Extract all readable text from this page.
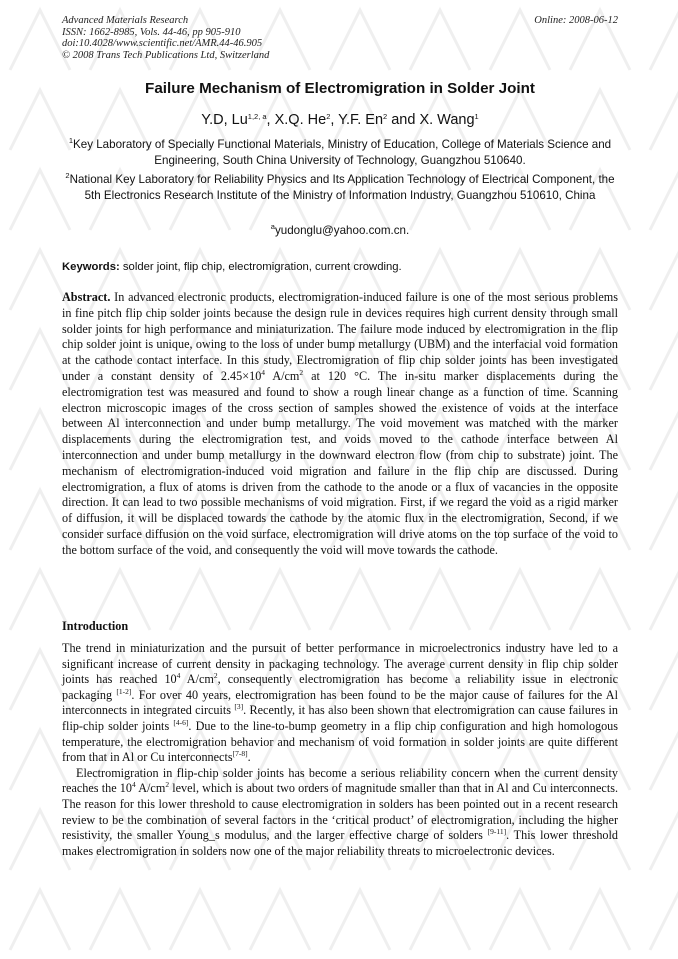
Advanced Materials Research
ISSN: 1662-8985, Vols. 44-46, pp 905-910
doi:10.4028/www.scientific.net/AMR.44-46.905
© 2008 Trans Tech Publications Ltd, Switzerland
Online: 2008-06-12
Failure Mechanism of Electromigration in Solder Joint
Y.D, Lu$^{1,2, a}$, X.Q. He$^2$, Y.F. En$^2$ and X. Wang$^1$
$^1$Key Laboratory of Specially Functional Materials, Ministry of Education, College of Materials Science and Engineering, South China University of Technology, Guangzhou 510640.
$^2$National Key Laboratory for Reliability Physics and Its Application Technology of Electrical Component, the 5th Electronics Research Institute of the Ministry of Information Industry, Guangzhou 510610, China
$^a$yudonglu@yahoo.com.cn.
Keywords: solder joint, flip chip, electromigration, current crowding.
Abstract. In advanced electronic products, electromigration-induced failure is one of the most serious problems in fine pitch flip chip solder joints because the design rule in devices requires high current density through small solder joints for high performance and miniaturization. The failure mode induced by electromigration in the flip chip solder joint is unique, owing to the loss of under bump metallurgy (UBM) and the interfacial void formation at the cathode contact interface. In this study, Electromigration of flip chip solder joints has been investigated under a constant density of $2.45\times 10^4$ $A/cm^2$ at 120 °C. The in-situ marker displacements during the electromigration test was measured and found to show a rough linear change as a function of time. Scanning electron microscopic images of the cross section of samples showed the existence of voids at the interface between Al interconnection and under bump metallurgy. The void movement was matched with the marker displacements during the electromigration test, and voids moved to the cathode interface between Al interconnection and under bump metallurgy in the downward electron flow (from chip to substrate) joint. The mechanism of electromigration-induced void migration and failure in the flip chip are discussed. During electromigration, a flux of atoms is driven from the cathode to the anode or a flux of vacancies in the opposite direction. It can lead to two possible mechanisms of void migration. First, if we regard the void as a rigid marker of diffusion, it will be displaced towards the cathode by the atomic flux in the electromigration, Second, if we consider surface diffusion on the void surface, electromigration will drive atoms on the top surface of the void to the bottom surface of the void, and consequently the void will move towards the cathode.
Introduction

The trend in miniaturization and the pursuit of better performance in microelectronics industry have led to a significant increase of current density in packaging technology. The average current density in flip chip solder joints has reached $10^4$ $A/cm^2$, consequently electromigration has become a reliability issue in electronic packaging [1-2]. For over 40 years, electromigration has been found to be the major cause of failures for the Al interconnects in integrated circuits [3]. Recently, it has also been shown that electromigration can cause failures in flip-chip solder joints [4-6]. Due to the line-to-bump geometry in a flip chip configuration and high homologous temperature, the electromigration behavior and mechanism of void formation in solder joints are quite different from that in Al or Cu interconnects[7-8].

Electromigration in flip-chip solder joints has become a serious reliability concern when the current density reaches the $10^4$ $A/cm^2$ level, which is about two orders of magnitude smaller than that in Al and Cu interconnects. The reason for this lower threshold to cause electromigration in solders has been pointed out in a recent research review to be the combination of several factors in the ‘critical product’ of electromigration, including the higher resistivity, the smaller Young_s modulus, and the larger effective charge of solders [9-11]. This lower threshold makes electromigration in solders now one of the major reliability threats to microelectronic devices.
